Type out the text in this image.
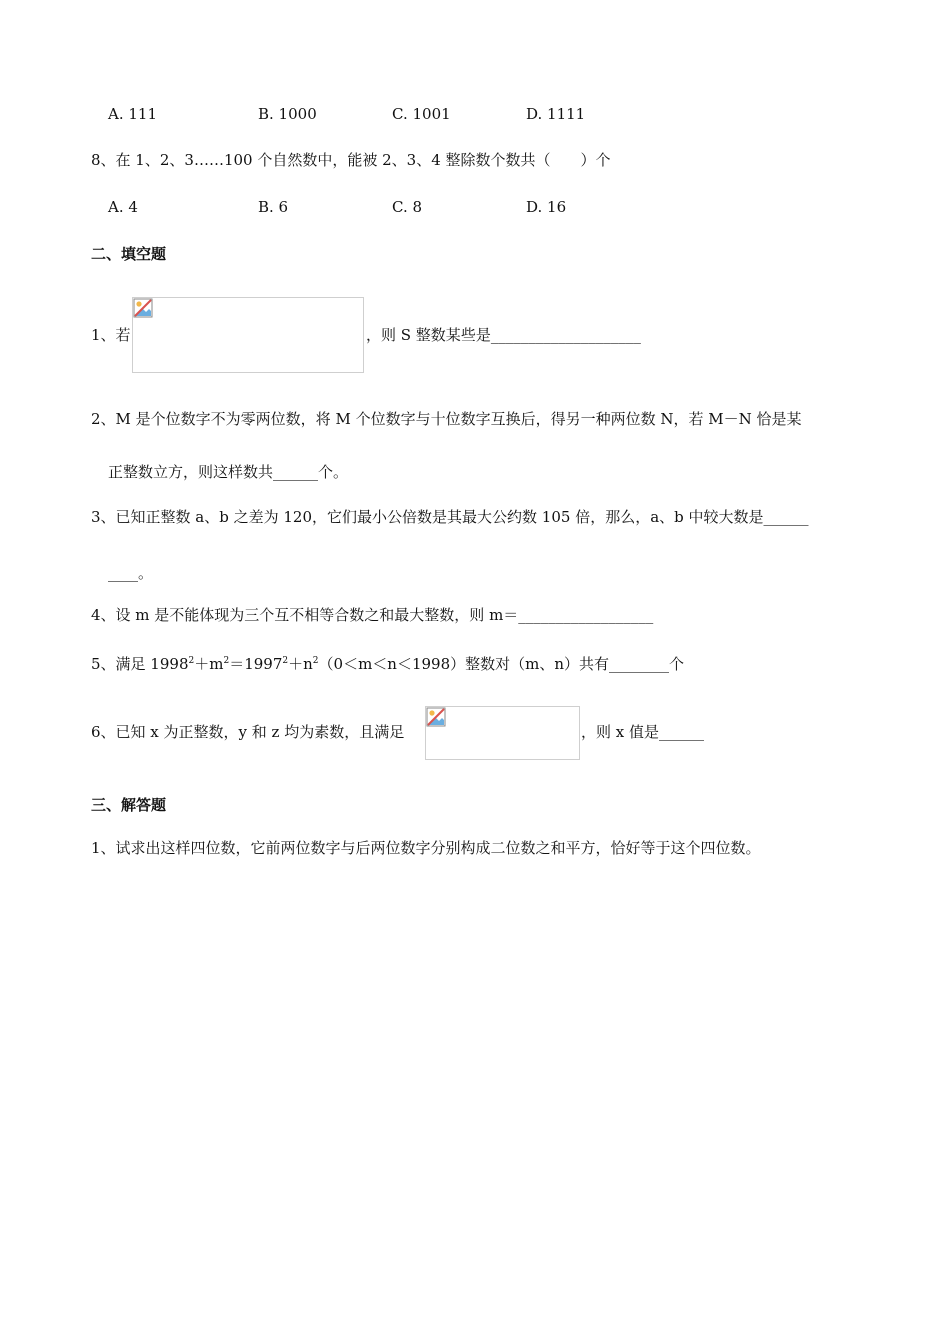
A. 111	B. 1000	C. 1001	D. 1111
8、在 1、2、3……100 个自然数中，能被 2、3、4 整除数个数共（　　）个
A. 4	B. 6	C. 8	D. 16
二、填空题
1、若	，则 S 整数某些是____________________
2、M 是个位数字不为零两位数，将 M 个位数字与十位数字互换后，得另一种两位数 N，若 M－N 恰是某
正整数立方，则这样数共______个。
3、已知正整数 a、b 之差为 120，它们最小公倍数是其最大公约数 105 倍，那么，a、b 中较大数是______
____。
4、设 m 是不能体现为三个互不相等合数之和最大整数，则 m＝__________________
5、满足 $1998^2+m^2=1997^2+n^2(0<m<n<1998)$整数对（m、n）共有________个
6、已知 x 为正整数，y 和 z 均为素数，且满足	，则 x 值是______
三、解答题
1、试求出这样四位数，它前两位数字与后两位数字分别构成二位数之和平方，恰好等于这个四位数。
